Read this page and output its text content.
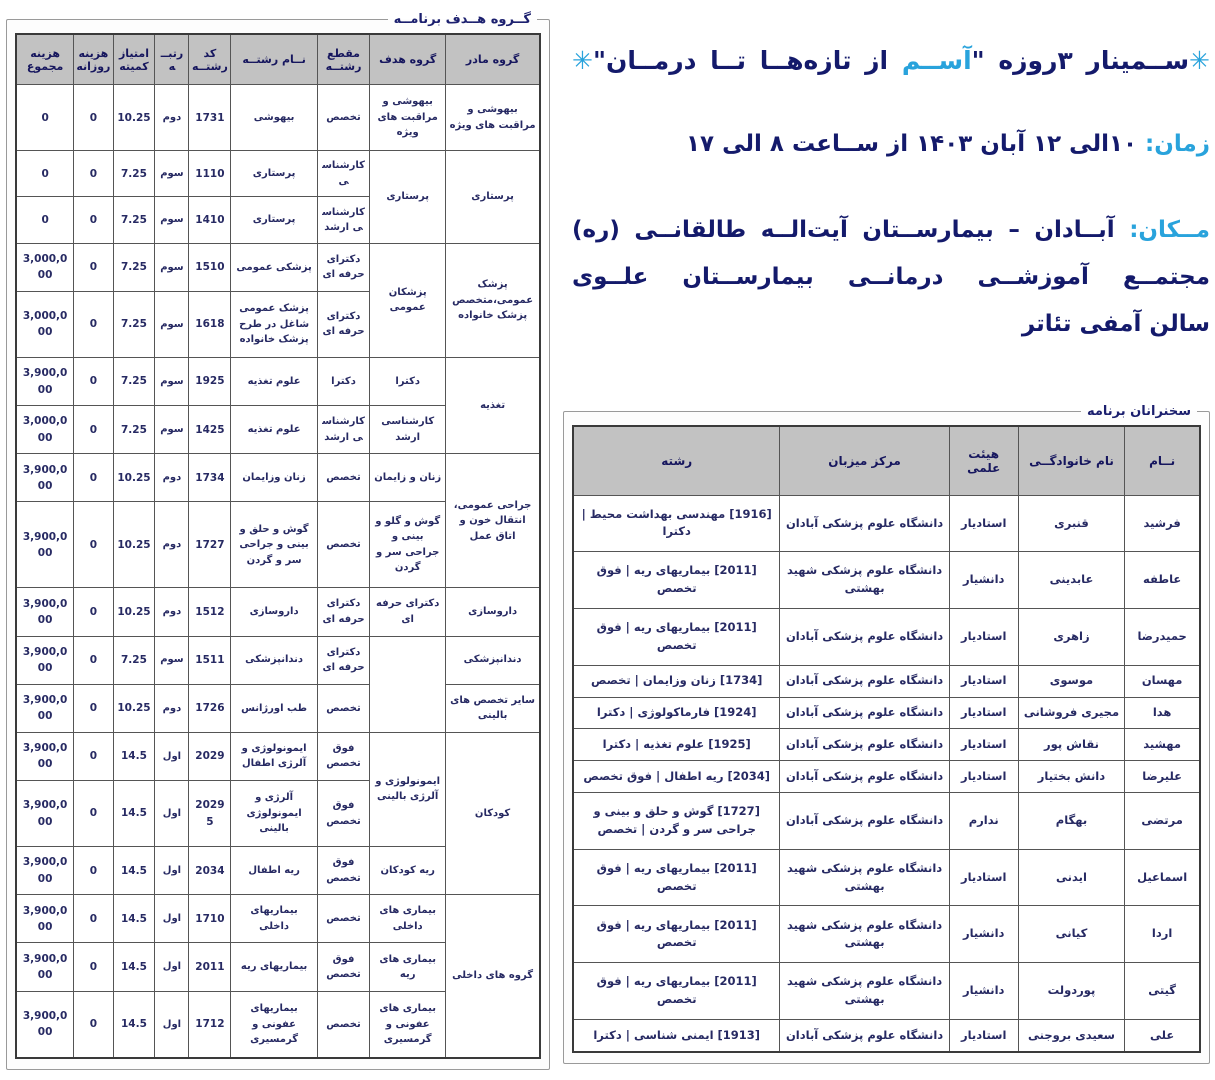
✳ســمینار ۳روزه "آســم از تازه‌هــا تــا درمــان"✳
زمان: ۱۰الی ۱۲ آبان ۱۴۰۳ از ســاعت ۸ الی ۱۷
مــکان: آبــادان – بیمارســتان آیت‌الــه طالقانــی (ره)
مجتمــع آموزشــی درمانــی بیمارســتان علــوی
سالن آمفی تئاتر
گــروه هــدف برنامــه
گروه مادر	گروه هدف	مقطع رشتــه	نــام رشتــه	کد رشتــه	رتبــه	امتیاز کمیته	هزینه روزانه	هزینه مجموع
بیهوشی و مراقبت های ویژه	بیهوشی و مراقبت های ویژه	تخصص	بیهوشی	1731	دوم	10.25	0	0
پرستاری	پرستاری	کارشناسی	پرستاری	1110	سوم	7.25	0	0
		کارشناسی ارشد	پرستاری	1410	سوم	7.25	0	0
پزشک عمومی،متخصص پزشک خانواده	پزشکان عمومی	دکترای حرفه ای	پزشکی عمومی	1510	سوم	7.25	0	3,000,000
		دکترای حرفه ای	پزشک عمومی شاغل در طرح پزشک خانواده	1618	سوم	7.25	0	3,000,000
تغذیه	دکترا	دکترا	علوم تغذیه	1925	سوم	7.25	0	3,900,000
	کارشناسی ارشد	کارشناسی ارشد	علوم تغذیه	1425	سوم	7.25	0	3,000,000
جراحی عمومی، انتقال خون و اتاق عمل	زنان و زایمان	تخصص	زنان وزایمان	1734	دوم	10.25	0	3,900,000
	گوش و گلو و بینی و جراحی سر و گردن	تخصص	گوش و حلق و بینی و جراحی سر و گردن	1727	دوم	10.25	0	3,900,000
داروسازی	دکترای حرفه ای	دکترای حرفه ای	داروسازی	1512	دوم	10.25	0	3,900,000
دندانپزشکی		دکترای حرفه ای	دندانپزشکی	1511	سوم	7.25	0	3,900,000
سایر تخصص های بالینی		تخصص	طب اورژانس	1726	دوم	10.25	0	3,900,000
کودکان	ایمونولوژی و آلرژی بالینی	فوق تخصص	ایمونولوژی و آلرژی اطفال	2029	اول	14.5	0	3,900,000
		فوق تخصص	آلرژی و ایمونولوژی بالینی	20295	اول	14.5	0	3,900,000
	ریه کودکان	فوق تخصص	ریه اطفال	2034	اول	14.5	0	3,900,000
گروه های داخلی	بیماری های داخلی	تخصص	بیماریهای داخلی	1710	اول	14.5	0	3,900,000
	بیماری های ریه	فوق تخصص	بیماریهای ریه	2011	اول	14.5	0	3,900,000
	بیماری های عفونی و گرمسیری	تخصص	بیماریهای عفونی و گرمسیری	1712	اول	14.5	0	3,900,000
سخنرانان برنامه
نــام	نام خانوادگــی	هیئت علمی	مرکز میزبان	رشته
فرشید	قنبری	استادیار	دانشگاه علوم پزشکی آبادان	[1916] مهندسی بهداشت محیط | دکترا
عاطفه	عابدینی	دانشیار	دانشگاه علوم پزشکی شهید بهشتی	[2011] بیماریهای ریه | فوق تخصص
حمیدرضا	زاهری	استادیار	دانشگاه علوم پزشکی آبادان	[2011] بیماریهای ریه | فوق تخصص
مهسان	موسوی	استادیار	دانشگاه علوم پزشکی آبادان	[1734] زنان وزایمان | تخصص
هدا	مجیری فروشانی	استادیار	دانشگاه علوم پزشکی آبادان	[1924] فارماکولوژی | دکترا
مهشید	نقاش پور	استادیار	دانشگاه علوم پزشکی آبادان	[1925] علوم تغذیه | دکترا
علیرضا	دانش بختیار	استادیار	دانشگاه علوم پزشکی آبادان	[2034] ریه اطفال | فوق تخصص
مرتضی	بهگام	ندارم	دانشگاه علوم پزشکی آبادان	[1727] گوش و حلق و بینی و جراحی سر و گردن | تخصص
اسماعیل	ایدنی	استادیار	دانشگاه علوم پزشکی شهید بهشتی	[2011] بیماریهای ریه | فوق تخصص
اردا	کیانی	دانشیار	دانشگاه علوم پزشکی شهید بهشتی	[2011] بیماریهای ریه | فوق تخصص
گیتی	پوردولت	دانشیار	دانشگاه علوم پزشکی شهید بهشتی	[2011] بیماریهای ریه | فوق تخصص
علی	سعیدی بروجنی	استادیار	دانشگاه علوم پزشکی آبادان	[1913] ایمنی شناسی | دکترا
